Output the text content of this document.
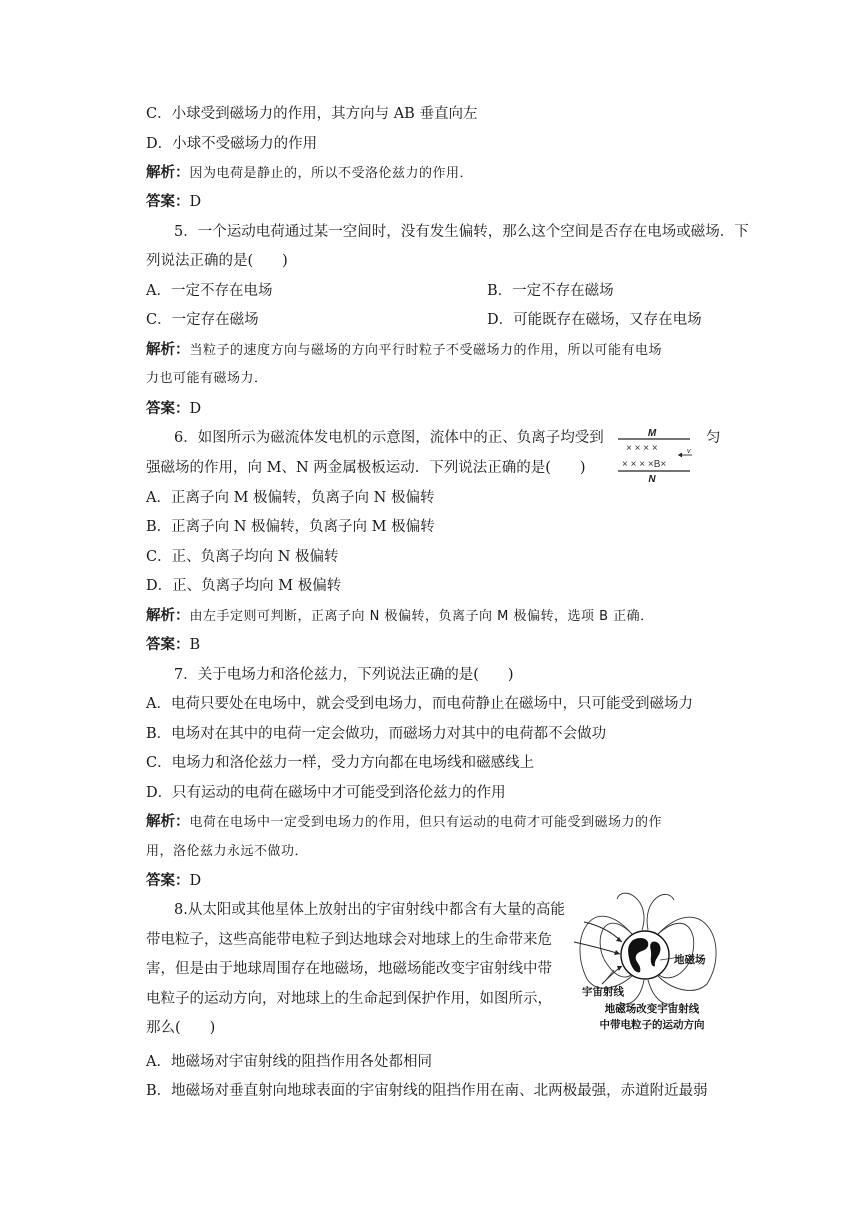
C．小球受到磁场力的作用，其方向与 AB 垂直向左
D．小球不受磁场力的作用
解析：因为电荷是静止的，所以不受洛伦兹力的作用．
答案：D
5．一个运动电荷通过某一空间时，没有发生偏转，那么这个空间是否存在电场或磁场．下
列说法正确的是(　　)
A．一定不存在电场	B．一定不存在磁场
C．一定存在磁场	D．可能既存在磁场，又存在电场
解析：当粒子的速度方向与磁场的方向平行时粒子不受磁场力的作用，所以可能有电场
力也可能有磁场力．
答案：D
6．如图所示为磁流体发电机的示意图，流体中的正、负离子均受到	匀
强磁场的作用，向 M、N 两金属极板运动．下列说法正确的是(　　)
M
× × × ×	v
× × × ×B×
N
A．正离子向 M 极偏转，负离子向 N 极偏转
B．正离子向 N 极偏转，负离子向 M 极偏转
C．正、负离子均向 N 极偏转
D．正、负离子均向 M 极偏转
解析：由左手定则可判断，正离子向 N 极偏转，负离子向 M 极偏转，选项 B 正确．
答案：B
7．关于电场力和洛伦兹力，下列说法正确的是(　　)
A．电荷只要处在电场中，就会受到电场力，而电荷静止在磁场中，只可能受到磁场力
B．电场对在其中的电荷一定会做功，而磁场力对其中的电荷都不会做功
C．电场力和洛伦兹力一样，受力方向都在电场线和磁感线上
D．只有运动的电荷在磁场中才可能受到洛伦兹力的作用
解析：电荷在电场中一定受到电场力的作用，但只有运动的电荷才可能受到磁场力的作
用，洛伦兹力永远不做功．
答案：D
8.从太阳或其他星体上放射出的宇宙射线中都含有大量的高能带电粒子，这些高能带电粒子到达地球会对地球上的生命带来危害，但是由于地球周围存在地磁场，地磁场能改变宇宙射线中带电粒子的运动方向，对地球上的生命起到保护作用，如图所示，那么(　　)
地磁场
宇宙射线
地磁场改变宇宙射线
中带电粒子的运动方向
A．地磁场对宇宙射线的阻挡作用各处都相同
B．地磁场对垂直射向地球表面的宇宙射线的阻挡作用在南、北两极最强，赤道附近最弱
